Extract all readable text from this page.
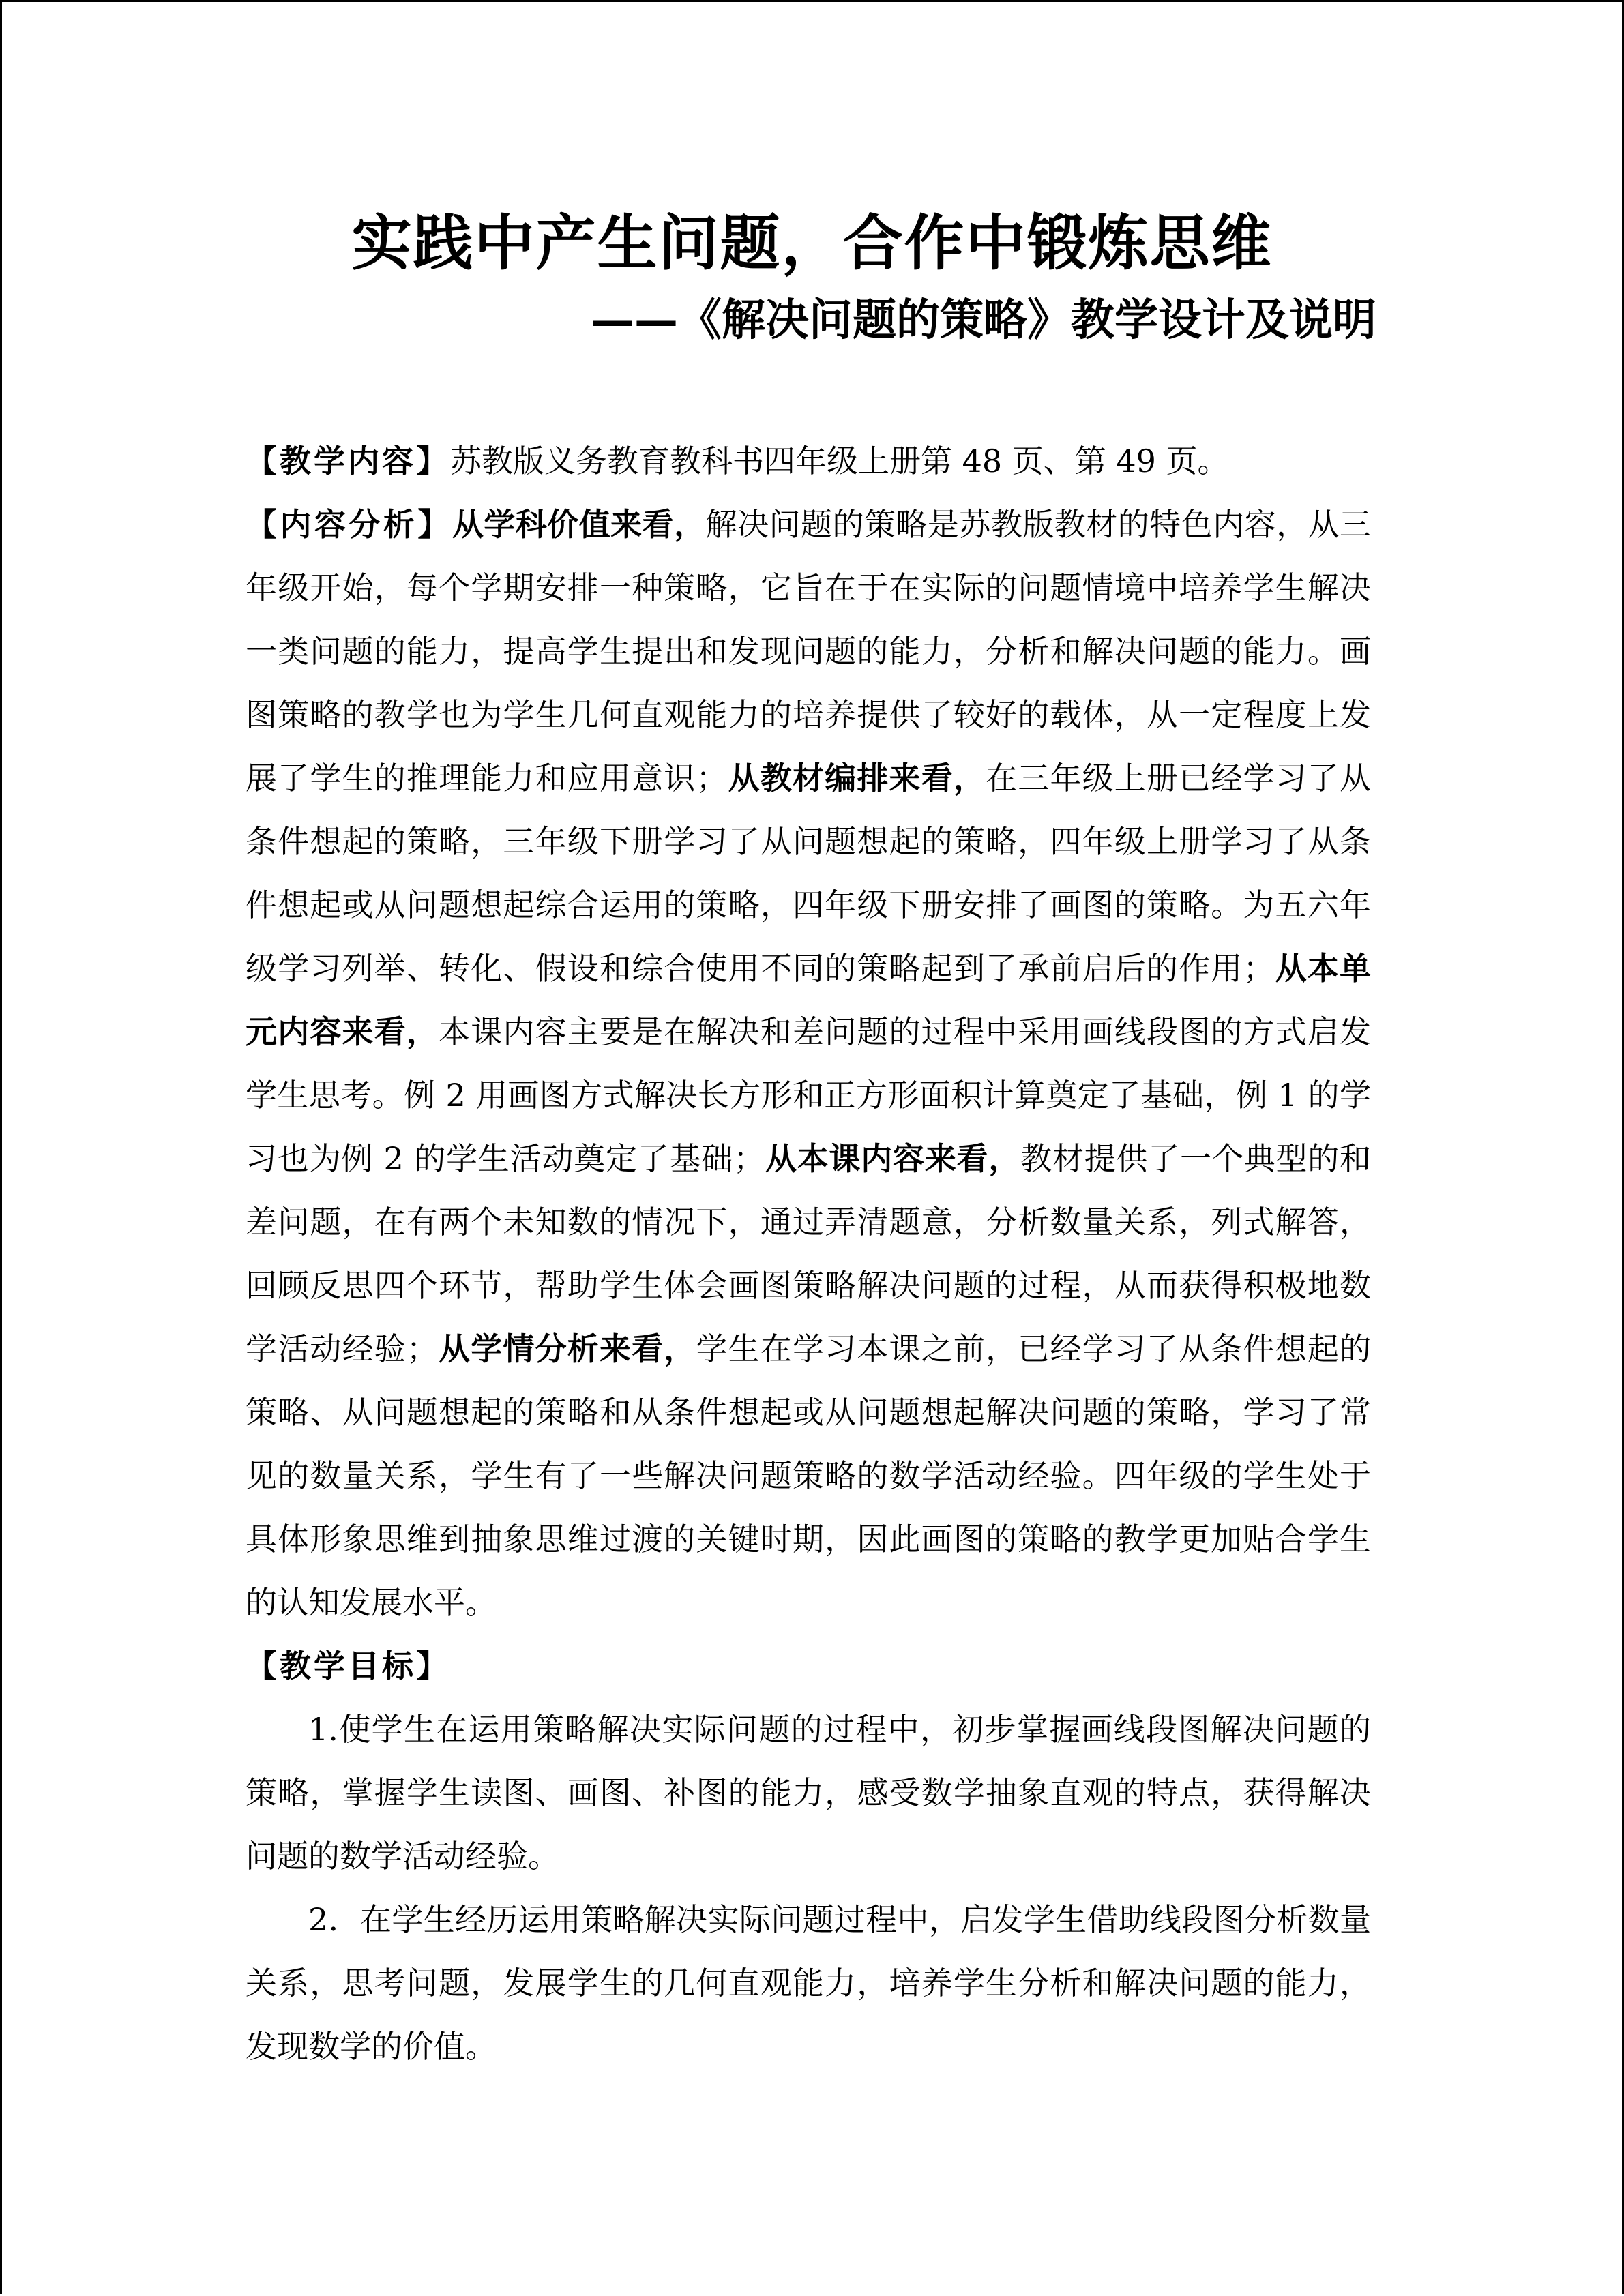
实践中产生问题，合作中锻炼思维
——《解决问题的策略》教学设计及说明

【教学内容】苏教版义务教育教科书四年级上册第 48 页、第 49 页。

【内容分析】从学科价值来看，解决问题的策略是苏教版教材的特色内容，从三年级开始，每个学期安排一种策略，它旨在于在实际的问题情境中培养学生解决一类问题的能力，提高学生提出和发现问题的能力，分析和解决问题的能力。画图策略的教学也为学生几何直观能力的培养提供了较好的载体，从一定程度上发展了学生的推理能力和应用意识；从教材编排来看，在三年级上册已经学习了从条件想起的策略，三年级下册学习了从问题想起的策略，四年级上册学习了从条件想起或从问题想起综合运用的策略，四年级下册安排了画图的策略。为五六年级学习列举、转化、假设和综合使用不同的策略起到了承前启后的作用；从本单元内容来看，本课内容主要是在解决和差问题的过程中采用画线段图的方式启发学生思考。例 2 用画图方式解决长方形和正方形面积计算奠定了基础，例 1 的学习也为例 2 的学生活动奠定了基础；从本课内容来看，教材提供了一个典型的和差问题，在有两个未知数的情况下，通过弄清题意，分析数量关系，列式解答，回顾反思四个环节，帮助学生体会画图策略解决问题的过程，从而获得积极地数学活动经验；从学情分析来看，学生在学习本课之前，已经学习了从条件想起的策略、从问题想起的策略和从条件想起或从问题想起解决问题的策略，学习了常见的数量关系，学生有了一些解决问题策略的数学活动经验。四年级的学生处于具体形象思维到抽象思维过渡的关键时期，因此画图的策略的教学更加贴合学生的认知发展水平。

【教学目标】

1.使学生在运用策略解决实际问题的过程中，初步掌握画线段图解决问题的策略，掌握学生读图、画图、补图的能力，感受数学抽象直观的特点，获得解决问题的数学活动经验。

2．在学生经历运用策略解决实际问题过程中，启发学生借助线段图分析数量关系，思考问题，发展学生的几何直观能力，培养学生分析和解决问题的能力，发现数学的价值。
